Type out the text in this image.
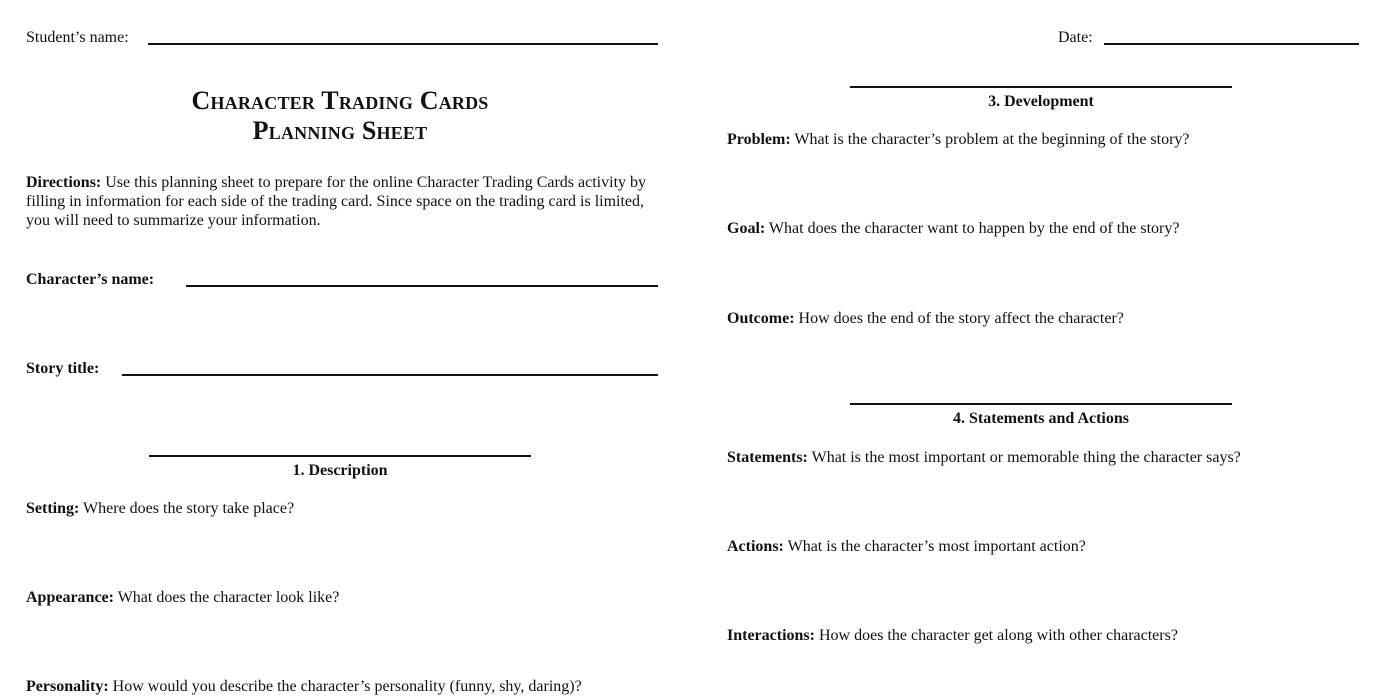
Student’s name:	Date:
Character Trading Cards
Planning Sheet
Directions: Use this planning sheet to prepare for the online Character Trading Cards activity by filling in information for each side of the trading card. Since space on the trading card is limited, you will need to summarize your information.
Character’s name:
Story title:
1. Description
Setting: Where does the story take place?
Appearance: What does the character look like?
Personality: How would you describe the character’s personality (funny, shy, daring)?
3. Development
Problem: What is the character’s problem at the beginning of the story?
Goal: What does the character want to happen by the end of the story?
Outcome: How does the end of the story affect the character?
4. Statements and Actions
Statements: What is the most important or memorable thing the character says?
Actions: What is the character’s most important action?
Interactions: How does the character get along with other characters?
